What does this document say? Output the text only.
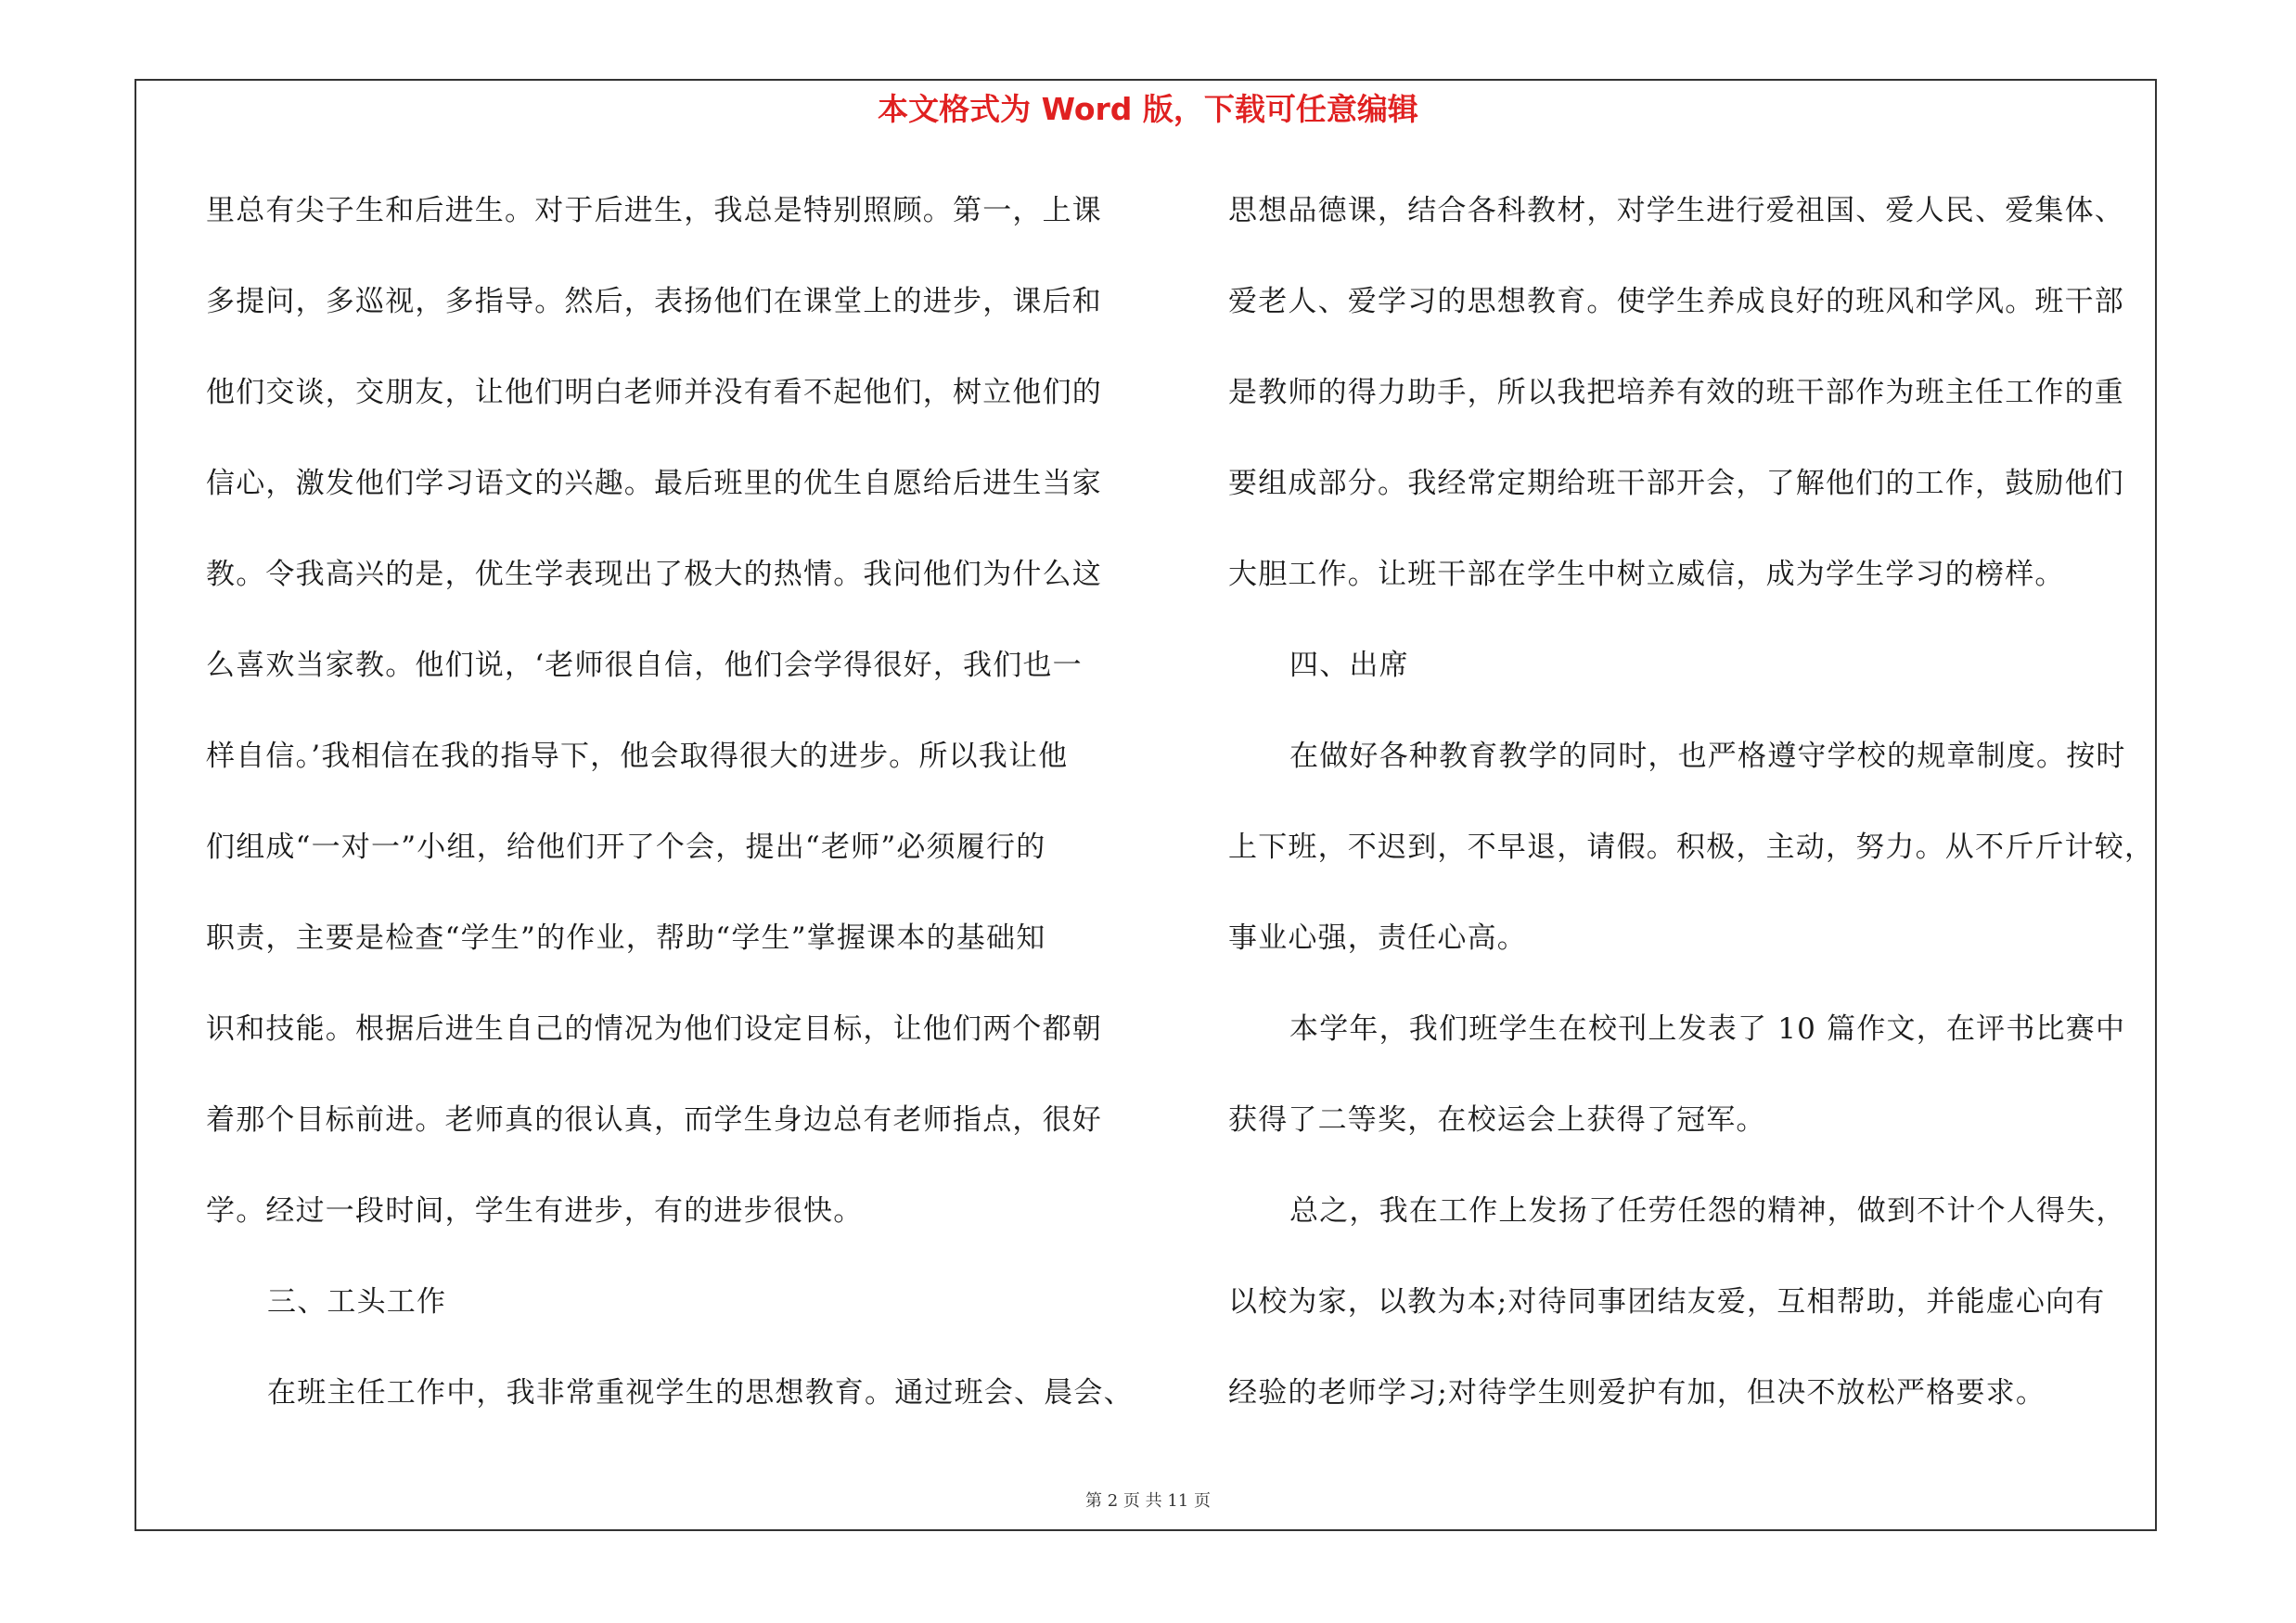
本文格式为 Word 版，下载可任意编辑
里总有尖子生和后进生。对于后进生，我总是特别照顾。第一，上课
多提问，多巡视，多指导。然后，表扬他们在课堂上的进步，课后和
他们交谈，交朋友，让他们明白老师并没有看不起他们，树立他们的
信心，激发他们学习语文的兴趣。最后班里的优生自愿给后进生当家
教。令我高兴的是，优生学表现出了极大的热情。我问他们为什么这
么喜欢当家教。他们说，‘老师很自信，他们会学得很好，我们也一
样自信。’我相信在我的指导下，他会取得很大的进步。所以我让他
们组成“一对一”小组，给他们开了个会，提出“老师”必须履行的
职责，主要是检查“学生”的作业，帮助“学生”掌握课本的基础知
识和技能。根据后进生自己的情况为他们设定目标，让他们两个都朝
着那个目标前进。老师真的很认真，而学生身边总有老师指点，很好
学。经过一段时间，学生有进步，有的进步很快。
三、工头工作
在班主任工作中，我非常重视学生的思想教育。通过班会、晨会、
思想品德课，结合各科教材，对学生进行爱祖国、爱人民、爱集体、
爱老人、爱学习的思想教育。使学生养成良好的班风和学风。班干部
是教师的得力助手，所以我把培养有效的班干部作为班主任工作的重
要组成部分。我经常定期给班干部开会，了解他们的工作，鼓励他们
大胆工作。让班干部在学生中树立威信，成为学生学习的榜样。
四、出席
在做好各种教育教学的同时，也严格遵守学校的规章制度。按时
上下班，不迟到，不早退，请假。积极，主动，努力。从不斤斤计较，
事业心强，责任心高。
本学年，我们班学生在校刊上发表了 10 篇作文，在评书比赛中
获得了二等奖，在校运会上获得了冠军。
总之，我在工作上发扬了任劳任怨的精神，做到不计个人得失，
以校为家，以教为本;对待同事团结友爱，互相帮助，并能虚心向有
经验的老师学习;对待学生则爱护有加，但决不放松严格要求。
第 2 页 共 11 页
